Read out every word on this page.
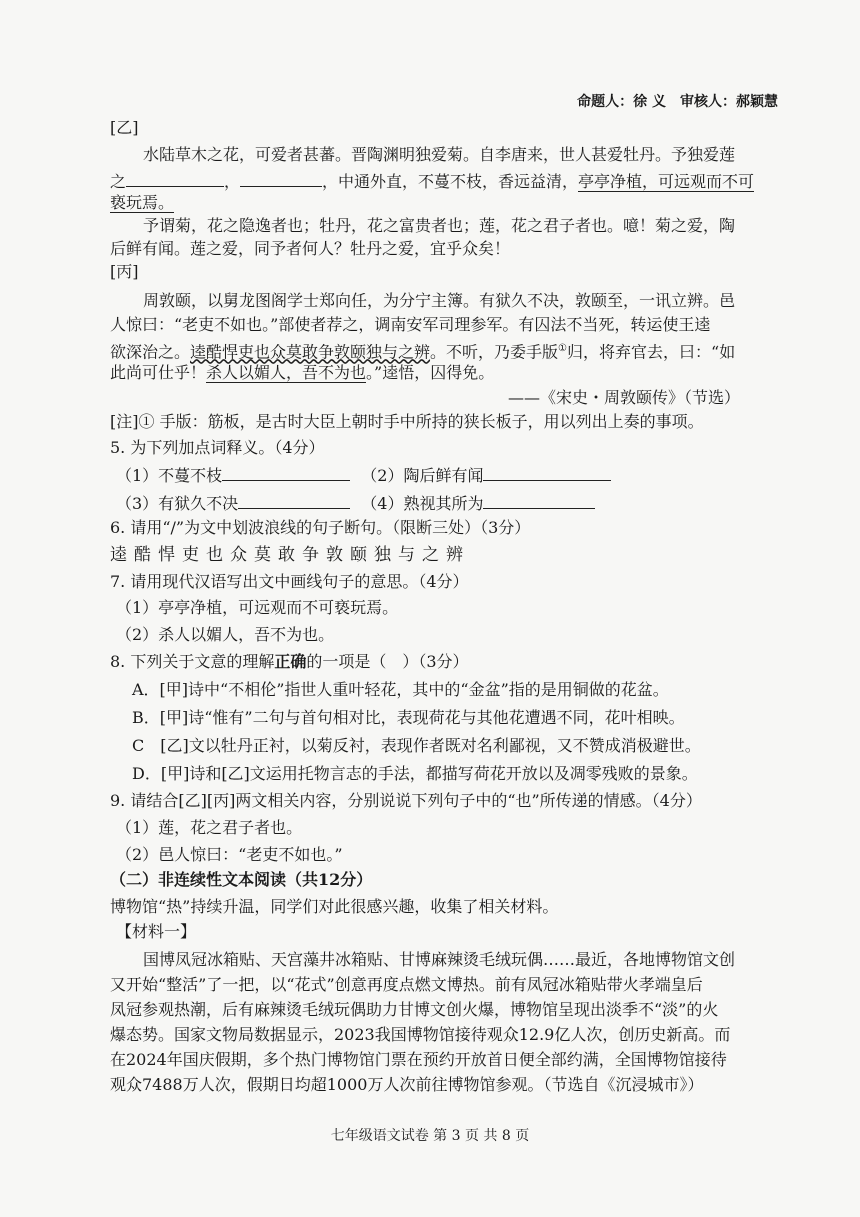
命题人：徐 义　审核人：郝颖慧
[乙]
水陆草木之花，可爱者甚蕃。晋陶渊明独爱菊。自李唐来，世人甚爱牡丹。予独爱莲
之	，	，中通外直，不蔓不枝，香远益清，亭亭净植，可远观而不可
亵玩焉。
予谓菊，花之隐逸者也；牡丹，花之富贵者也；莲，花之君子者也。噫！菊之爱，陶
后鲜有闻。莲之爱，同予者何人？牡丹之爱，宜乎众矣！
[丙]
周敦颐，以舅龙图阁学士郑向任，为分宁主簿。有狱久不决，敦颐至，一讯立辨。邑
人惊曰：“老吏不如也。”部使者荐之，调南安军司理参军。有囚法不当死，转运使王逵
欲深治之。逵酷悍吏也众莫敢争敦颐独与之辨。不听，乃委手版①归，将弃官去，曰：“如
此尚可仕乎！杀人以媚人，吾不为也。”逵悟，囚得免。
——《宋史・周敦颐传》（节选）
[注]① 手版：筋板，是古时大臣上朝时手中所持的狭长板子，用以列出上奏的事项。
5. 为下列加点词释义。（4分）
（1）不蔓不枝	（2）陶后鲜有闻
（3）有狱久不决	（4）熟视其所为
6. 请用“/”为文中划波浪线的句子断句。（限断三处）（3分）
逵酷悍吏也众莫敢争敦颐独与之辨
7. 请用现代汉语写出文中画线句子的意思。（4分）
（1）亭亭净植，可远观而不可亵玩焉。
（2）杀人以媚人，吾不为也。
8. 下列关于文意的理解正确的一项是（　）（3分）
A．[甲]诗中“不相伦”指世人重叶轻花，其中的“金盆”指的是用铜做的花盆。
B．[甲]诗“惟有”二句与首句相对比，表现荷花与其他花遭遇不同，花叶相映。
C　[乙]文以牡丹正衬，以菊反衬，表现作者既对名利鄙视，又不赞成消极避世。
D．[甲]诗和[乙]文运用托物言志的手法，都描写荷花开放以及凋零残败的景象。
9. 请结合[乙][丙]两文相关内容，分别说说下列句子中的“也”所传递的情感。（4分）
（1）莲，花之君子者也。
（2）邑人惊曰：“老吏不如也。”
（二）非连续性文本阅读（共12分）
博物馆“热”持续升温，同学们对此很感兴趣，收集了相关材料。
【材料一】
国博凤冠冰箱贴、天宫藻井冰箱贴、甘博麻辣烫毛绒玩偶……最近，各地博物馆文创
又开始“整活”了一把，以“花式”创意再度点燃文博热。前有凤冠冰箱贴带火孝端皇后
凤冠参观热潮，后有麻辣烫毛绒玩偶助力甘博文创火爆，博物馆呈现出淡季不“淡”的火
爆态势。国家文物局数据显示，2023我国博物馆接待观众12.9亿人次，创历史新高。而
在2024年国庆假期，多个热门博物馆门票在预约开放首日便全部约满，全国博物馆接待
观众7488万人次，假期日均超1000万人次前往博物馆参观。（节选自《沉浸城市》）
七年级语文试卷 第 3 页 共 8 页
